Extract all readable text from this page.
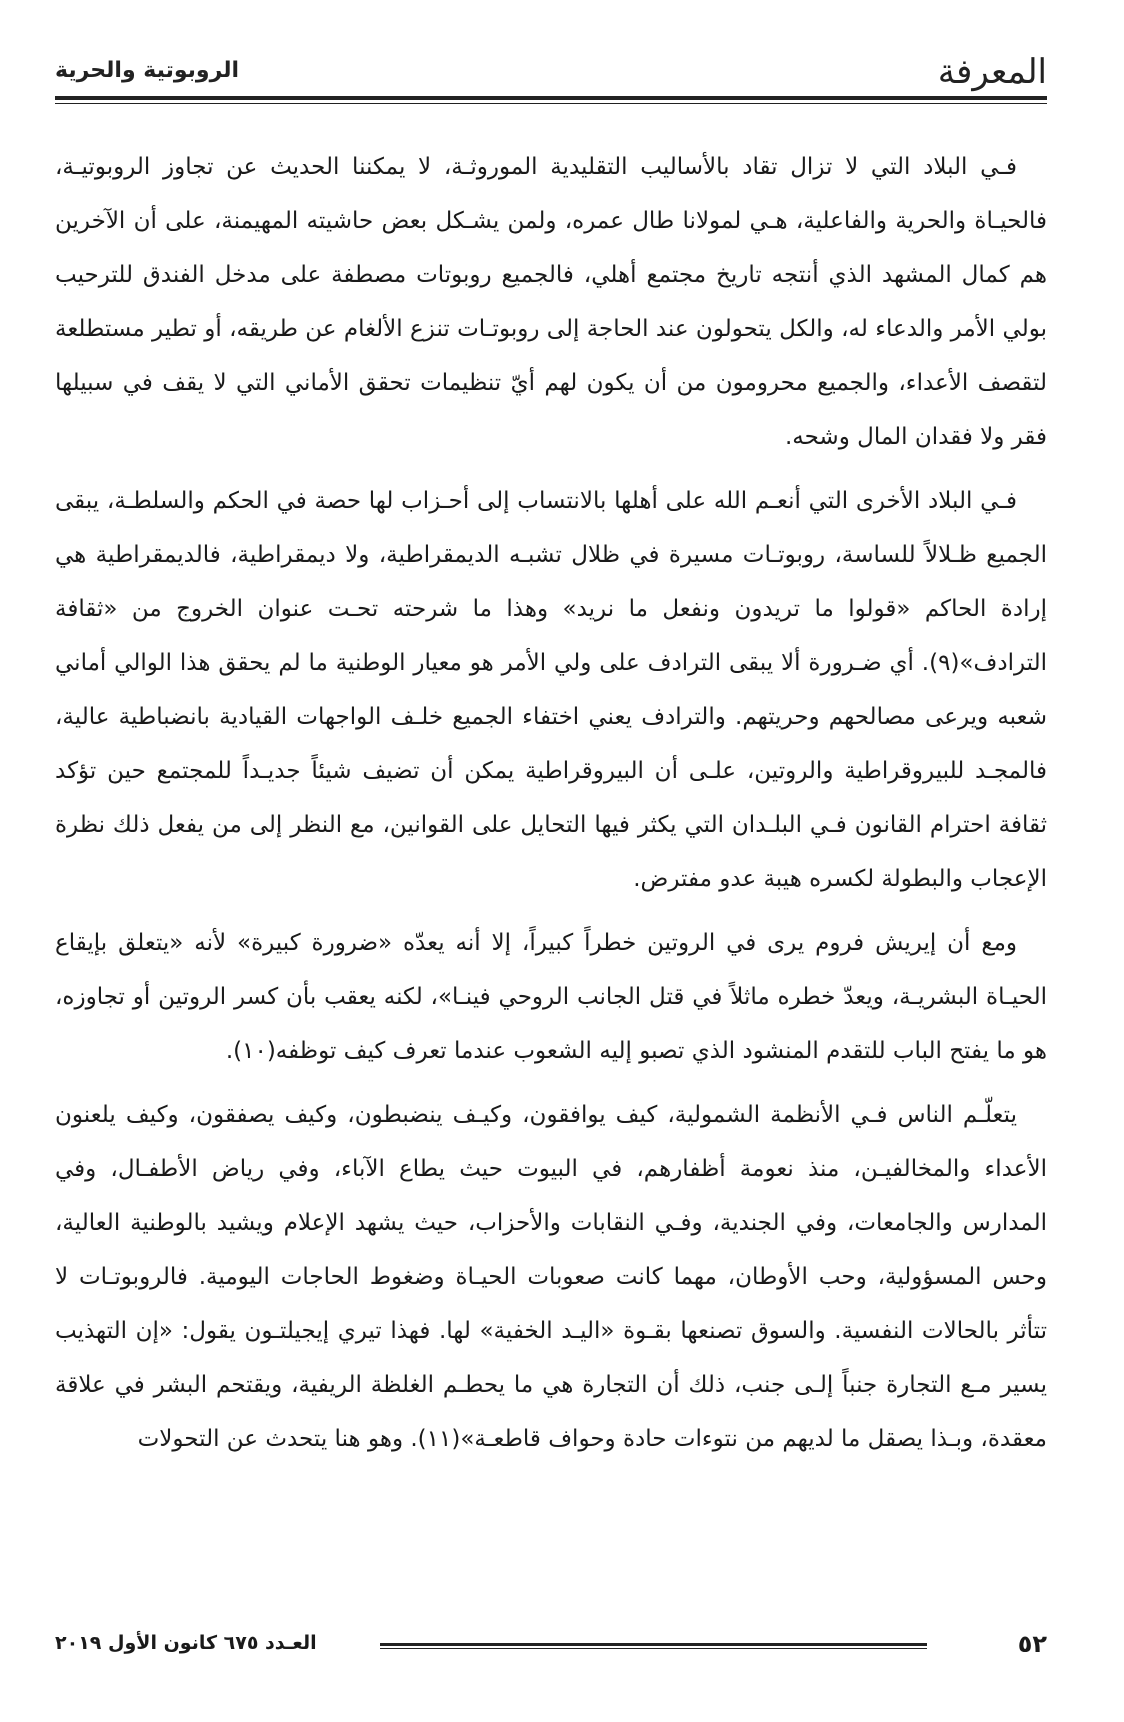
المعرفة
الروبوتية والحرية

فـي البلاد التي لا تزال تقاد بالأساليب التقليدية الموروثـة، لا يمكننا الحديث عن تجاوز الروبوتيـة، فالحيـاة والحرية والفاعلية، هـي لمولانا طال عمره، ولمن يشـكل بعض حاشيته المهيمنة، على أن الآخرين هم كمال المشهد الذي أنتجه تاريخ مجتمع أهلي، فالجميع روبوتات مصطفة على مدخل الفندق للترحيب بولي الأمر والدعاء له، والكل يتحولون عند الحاجة إلى روبوتـات تنزع الألغام عن طريقه، أو تطير مستطلعة لتقصف الأعداء، والجميع محرومون من أن يكون لهم أيّ تنظيمات تحقق الأماني التي لا يقف في سبيلها فقر ولا فقدان المال وشحه.

فـي البلاد الأخرى التي أنعـم الله على أهلها بالانتساب إلى أحـزاب لها حصة في الحكم والسلطـة، يبقى الجميع ظـلالاً للساسة، روبوتـات مسيرة في ظلال تشبـه الديمقراطية، ولا ديمقراطية، فالديمقراطية هي إرادة الحاكم «قولوا ما تريدون ونفعل ما نريد» وهذا ما شرحته تحـت عنوان الخروج من «ثقافة الترادف»(٩). أي ضـرورة ألا يبقى الترادف على ولي الأمر هو معيار الوطنية ما لم يحقق هذا الوالي أماني شعبه ويرعى مصالحهم وحريتهم. والترادف يعني اختفاء الجميع خلـف الواجهات القيادية بانضباطية عالية، فالمجـد للبيروقراطية والروتين، علـى أن البيروقراطية يمكن أن تضيف شيئاً جديـداً للمجتمع حين تؤكد ثقافة احترام القانون فـي البلـدان التي يكثر فيها التحايل على القوانين، مع النظر إلى من يفعل ذلك نظرة الإعجاب والبطولة لكسره هيبة عدو مفترض.

ومع أن إيريش فروم يرى في الروتين خطراً كبيراً، إلا أنه يعدّه «ضرورة كبيرة» لأنه «يتعلق بإيقاع الحيـاة البشريـة، ويعدّ خطره ماثلاً في قتل الجانب الروحي فينـا»، لكنه يعقب بأن كسر الروتين أو تجاوزه، هو ما يفتح الباب للتقدم المنشود الذي تصبو إليه الشعوب عندما تعرف كيف توظفه(١٠).

يتعلّـم الناس فـي الأنظمة الشمولية، كيف يوافقون، وكيـف ينضبطون، وكيف يصفقون، وكيف يلعنون الأعداء والمخالفيـن، منذ نعومة أظفارهم، في البيوت حيث يطاع الآباء، وفي رياض الأطفـال، وفي المدارس والجامعات، وفي الجندية، وفـي النقابات والأحزاب، حيث يشهد الإعلام ويشيد بالوطنية العالية، وحس المسؤولية، وحب الأوطان، مهما كانت صعوبات الحيـاة وضغوط الحاجات اليومية. فالروبوتـات لا تتأثر بالحالات النفسية. والسوق تصنعها بقـوة «اليـد الخفية» لها. فهذا تيري إيجيلتـون يقول: «إن التهذيب يسير مـع التجارة جنباً إلـى جنب، ذلك أن التجارة هي ما يحطـم الغلظة الريفية، ويقتحم البشر في علاقة معقدة، وبـذا يصقل ما لديهم من نتوءات حادة وحواف قاطعـة»(١١). وهو هنا يتحدث عن التحولات

٥٢
العـدد ٦٧٥ كانون الأول ٢٠١٩
